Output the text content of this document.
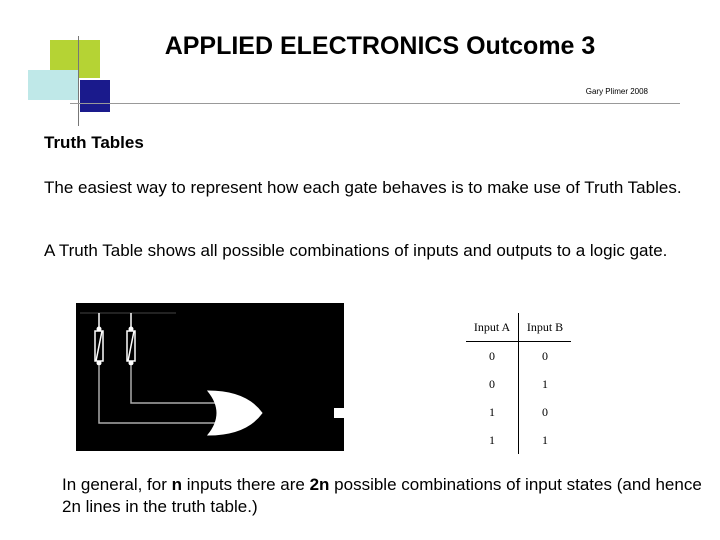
APPLIED ELECTRONICS Outcome 3
Gary Plimer 2008
Truth Tables
The easiest way to represent how each gate behaves is to make use of Truth Tables.
A Truth Table shows all possible combinations of inputs and outputs to a logic gate.
Input A	Input B
0	0
0	1
1	0
1	1
In general, for n inputs there are 2n possible combinations of input states (and hence 2n lines in the truth table.)
